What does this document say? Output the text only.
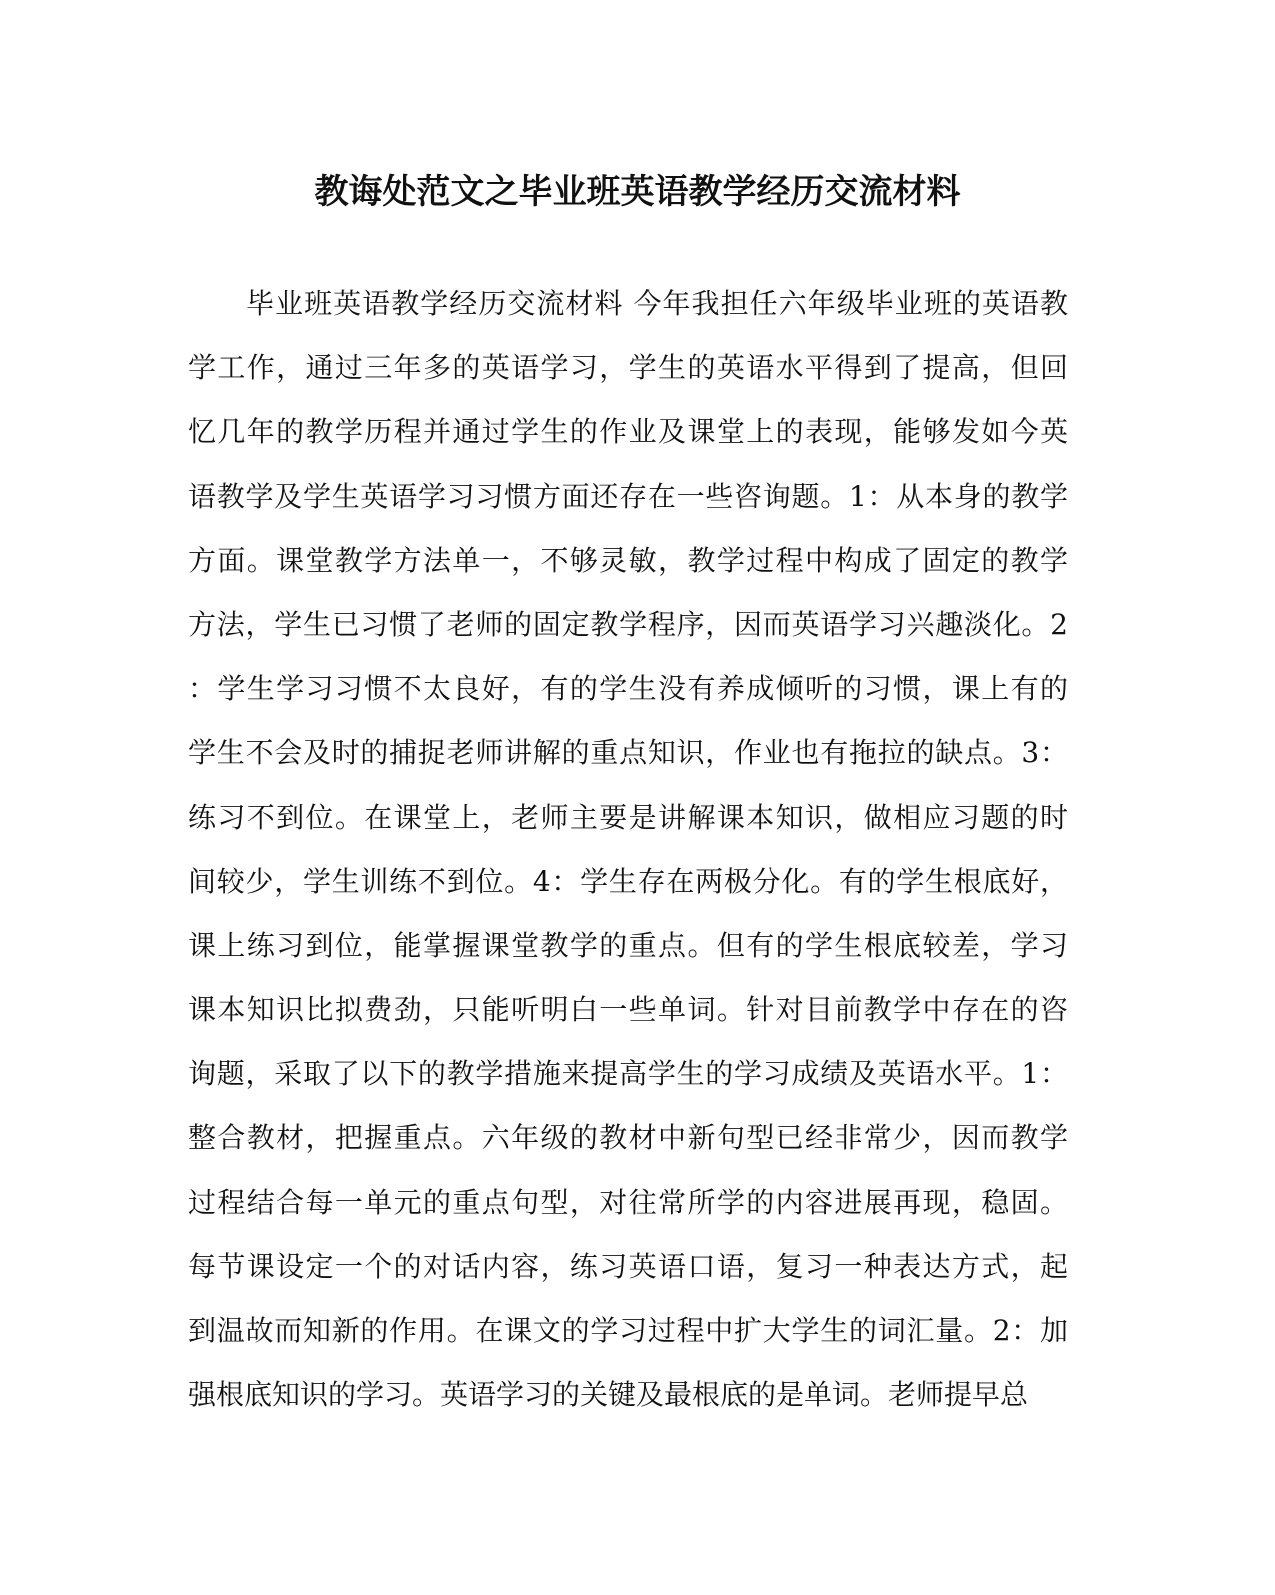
教诲处范文之毕业班英语教学经历交流材料
毕业班英语教学经历交流材料 今年我担任六年级毕业班的英语教
学工作，通过三年多的英语学习，学生的英语水平得到了提高，但回
忆几年的教学历程并通过学生的作业及课堂上的表现，能够发如今英
语教学及学生英语学习习惯方面还存在一些咨询题。1：从本身的教学
方面。课堂教学方法单一，不够灵敏，教学过程中构成了固定的教学
方法，学生已习惯了老师的固定教学程序，因而英语学习兴趣淡化。2
：学生学习习惯不太良好，有的学生没有养成倾听的习惯，课上有的
学生不会及时的捕捉老师讲解的重点知识，作业也有拖拉的缺点。3：
练习不到位。在课堂上，老师主要是讲解课本知识，做相应习题的时
间较少，学生训练不到位。4：学生存在两极分化。有的学生根底好，
课上练习到位，能掌握课堂教学的重点。但有的学生根底较差，学习
课本知识比拟费劲，只能听明白一些单词。针对目前教学中存在的咨
询题，采取了以下的教学措施来提高学生的学习成绩及英语水平。1：
整合教材，把握重点。六年级的教材中新句型已经非常少，因而教学
过程结合每一单元的重点句型，对往常所学的内容进展再现，稳固。
每节课设定一个的对话内容，练习英语口语，复习一种表达方式，起
到温故而知新的作用。在课文的学习过程中扩大学生的词汇量。2：加
强根底知识的学习。英语学习的关键及最根底的是单词。老师提早总
